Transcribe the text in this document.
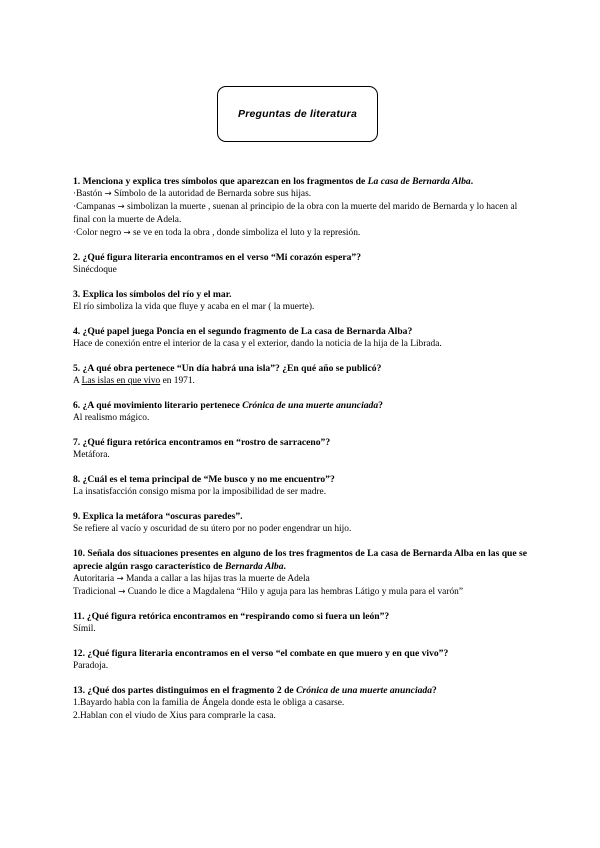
Preguntas de literatura
1. Menciona y explica tres símbolos que aparezcan en los fragmentos de La casa de Bernarda Alba.
·Bastón → Símbolo de la autoridad de Bernarda sobre sus hijas.
·Campanas → simbolizan la muerte , suenan al principio de la obra con la muerte del marido de Bernarda y lo hacen al final con la muerte de Adela.
·Color negro → se ve en toda la obra , donde simboliza el luto y la represión.
2. ¿Qué figura literaria encontramos en el verso “Mi corazón espera”?
Sinécdoque
3. Explica los símbolos del río y el mar.
El río simboliza la vida que fluye y acaba en el mar ( la muerte).
4. ¿Qué papel juega Poncia en el segundo fragmento de La casa de Bernarda Alba?
Hace de conexión entre el interior de la casa y el exterior, dando la noticia de la hija de la Librada.
5. ¿A qué obra pertenece “Un día habrá una isla”? ¿En qué año se publicó?
A Las islas en que vivo en 1971.
6. ¿A qué movimiento literario pertenece Crónica de una muerte anunciada?
Al realismo mágico.
7. ¿Qué figura retórica encontramos en “rostro de sarraceno”?
Metáfora.
8. ¿Cuál es el tema principal de “Me busco y no me encuentro”?
La insatisfacción consigo misma por la imposibilidad de ser madre.
9. Explica la metáfora “oscuras paredes”.
Se refiere al vacío y oscuridad de su útero por no poder engendrar un hijo.
10. Señala dos situaciones presentes en alguno de los tres fragmentos de La casa de Bernarda Alba en las que se aprecie algún rasgo característico de Bernarda Alba.
Autoritaria → Manda a callar a las hijas tras la muerte de Adela
Tradicional → Cuando le dice a Magdalena “Hilo y aguja para las hembras Látigo y mula para el varón”
11. ¿Qué figura retórica encontramos en “respirando como si fuera un león”?
Símil.
12. ¿Qué figura literaria encontramos en el verso “el combate en que muero y en que vivo”?
Paradoja.
13. ¿Qué dos partes distinguimos en el fragmento 2 de Crónica de una muerte anunciada?
1.Bayardo habla con la familia de Ángela donde esta le obliga a casarse.
2.Hablan con el viudo de Xius para comprarle la casa.
